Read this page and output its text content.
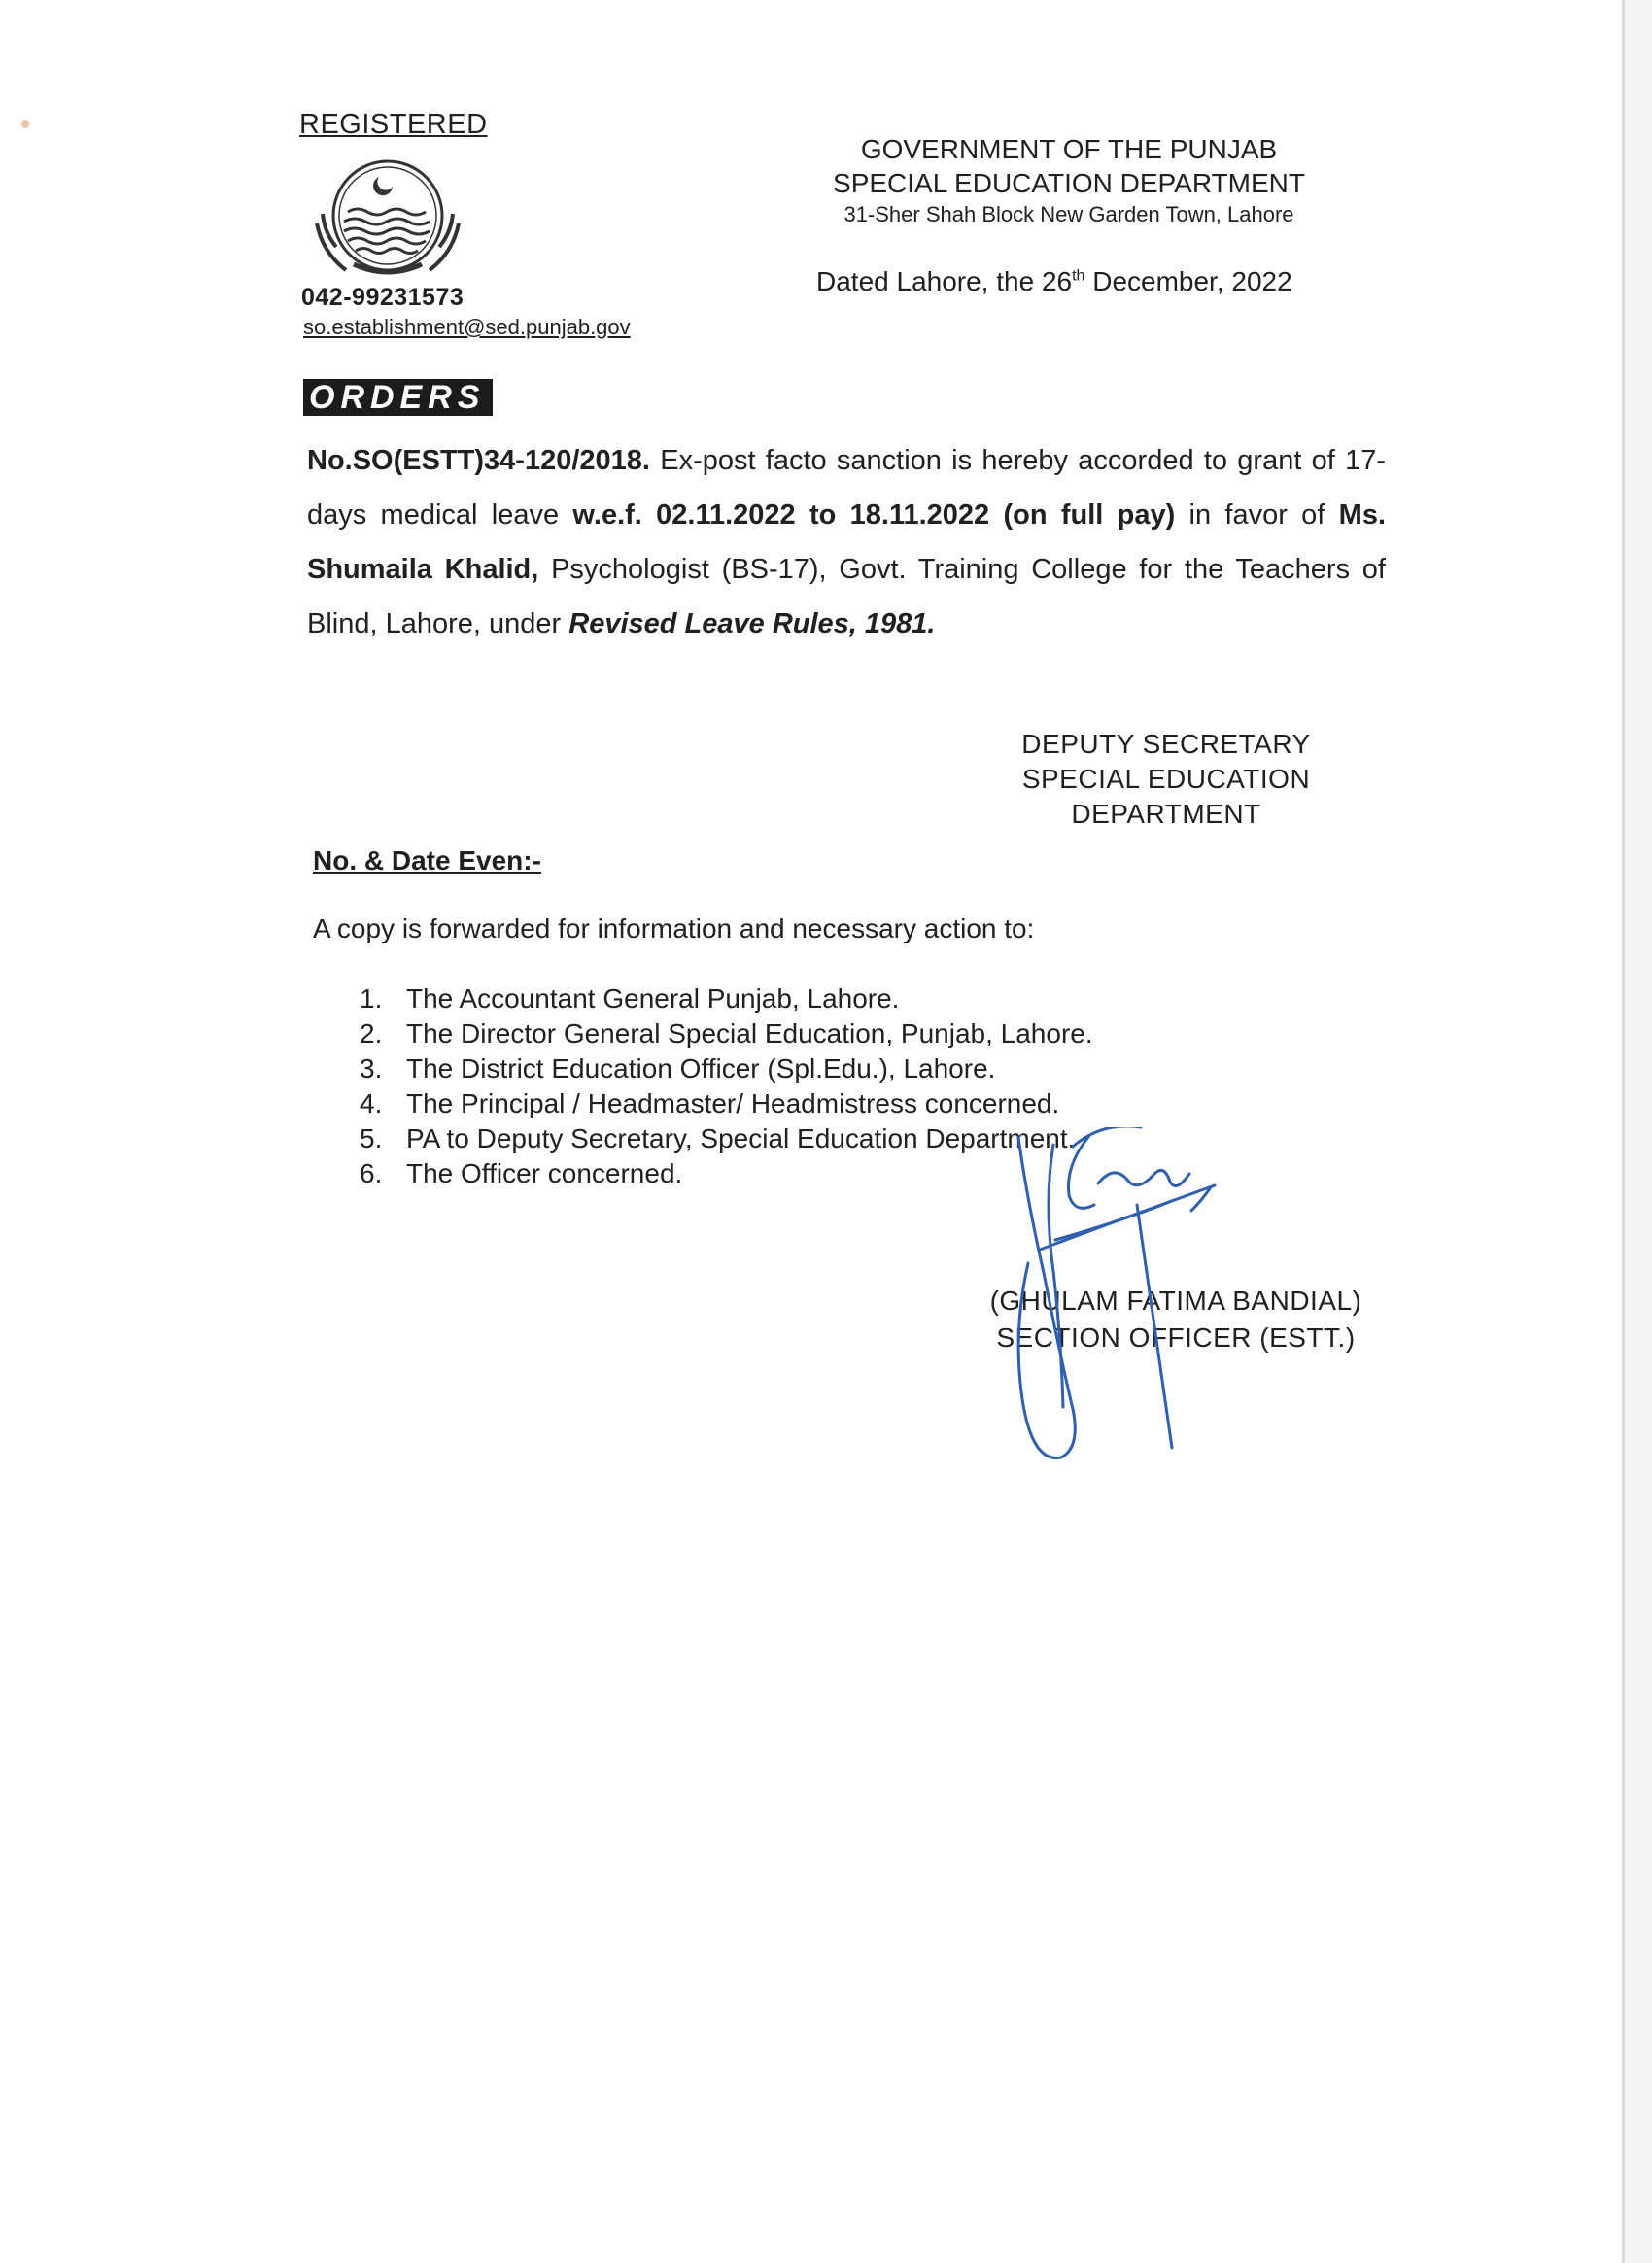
REGISTERED
042-99231573
so.establishment@sed.punjab.gov
GOVERNMENT OF THE PUNJAB
SPECIAL EDUCATION DEPARTMENT
31-Sher Shah Block New Garden Town, Lahore
Dated Lahore, the 26th December, 2022
ORDERS
No.SO(ESTT)34-120/2018. Ex-post facto sanction is hereby accorded to grant of 17-days medical leave w.e.f. 02.11.2022 to 18.11.2022 (on full pay) in favor of Ms. Shumaila Khalid, Psychologist (BS-17), Govt. Training College for the Teachers of Blind, Lahore, under Revised Leave Rules, 1981.
DEPUTY SECRETARY
SPECIAL EDUCATION
DEPARTMENT
No. & Date Even:-
A copy is forwarded for information and necessary action to:
1. The Accountant General Punjab, Lahore.
2. The Director General Special Education, Punjab, Lahore.
3. The District Education Officer (Spl.Edu.), Lahore.
4. The Principal / Headmaster/ Headmistress concerned.
5. PA to Deputy Secretary, Special Education Department.
6. The Officer concerned.
(GHULAM FATIMA BANDIAL)
SECTION OFFICER (ESTT.)
